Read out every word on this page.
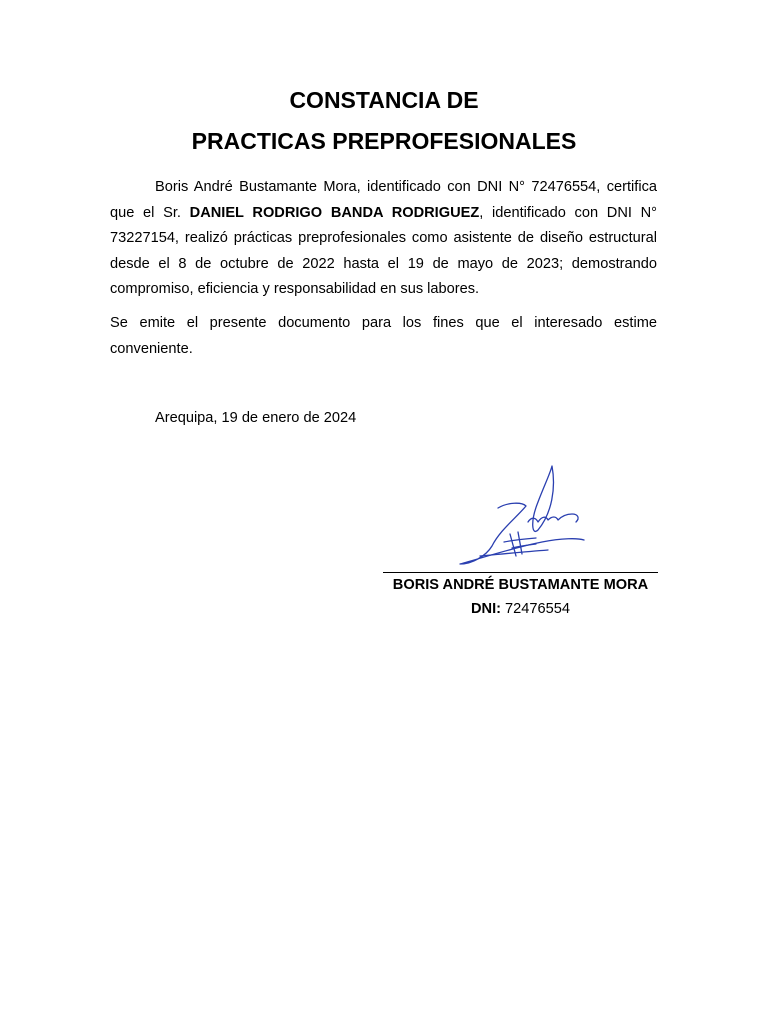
CONSTANCIA DE
PRACTICAS PREPROFESIONALES

Boris André Bustamante Mora, identificado con DNI N° 72476554, certifica que el Sr. DANIEL RODRIGO BANDA RODRIGUEZ, identificado con DNI N° 73227154, realizó prácticas preprofesionales como asistente de diseño estructural desde el 8 de octubre de 2022 hasta el 19 de mayo de 2023; demostrando compromiso, eficiencia y responsabilidad en sus labores.

Se emite el presente documento para los fines que el interesado estime conveniente.

Arequipa, 19 de enero de 2024

BORIS ANDRÉ BUSTAMANTE MORA

DNI: 72476554
